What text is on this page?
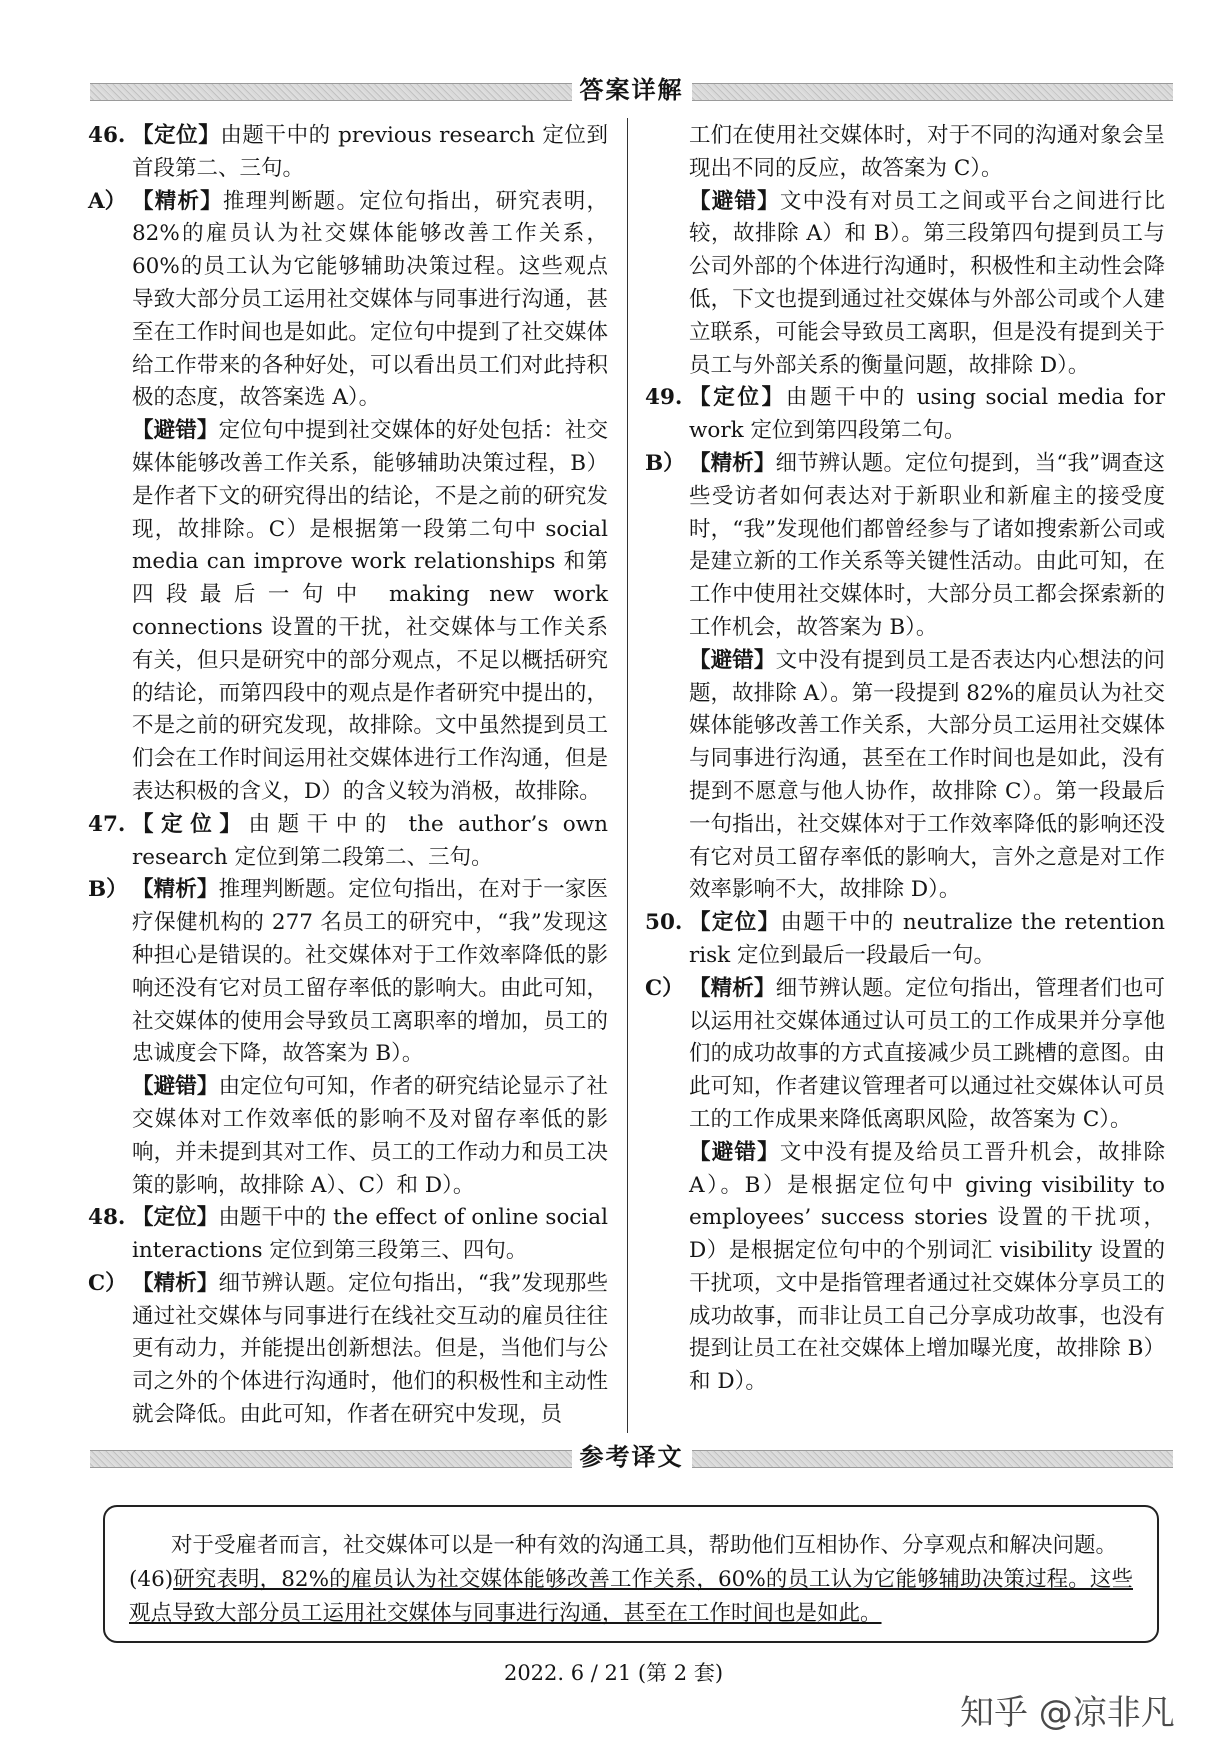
答案详解
46. 【定位】由题干中的 previous research 定位到首段第二、三句。
A） 【精析】推理判断题。定位句指出，研究表明，82%的雇员认为社交媒体能够改善工作关系，60%的员工认为它能够辅助决策过程。这些观点导致大部分员工运用社交媒体与同事进行沟通，甚至在工作时间也是如此。定位句中提到了社交媒体给工作带来的各种好处，可以看出员工们对此持积极的态度，故答案选 A）。
【避错】定位句中提到社交媒体的好处包括：社交媒体能够改善工作关系，能够辅助决策过程，B）是作者下文的研究得出的结论，不是之前的研究发现，故排除。C）是根据第一段第二句中 social media can improve work relationships 和第四段最后一句中 making new work connections 设置的干扰，社交媒体与工作关系有关，但只是研究中的部分观点，不足以概括研究的结论，而第四段中的观点是作者研究中提出的，不是之前的研究发现，故排除。文中虽然提到员工们会在工作时间运用社交媒体进行工作沟通，但是表达积极的含义，D）的含义较为消极，故排除。
47. 【定位】由题干中的 the author’s own research 定位到第二段第二、三句。
B） 【精析】推理判断题。定位句指出，在对于一家医疗保健机构的 277 名员工的研究中，“我”发现这种担心是错误的。社交媒体对于工作效率降低的影响还没有它对员工留存率低的影响大。由此可知，社交媒体的使用会导致员工离职率的增加，员工的忠诚度会下降，故答案为 B）。
【避错】由定位句可知，作者的研究结论显示了社交媒体对工作效率低的影响不及对留存率低的影响，并未提到其对工作、员工的工作动力和员工决策的影响，故排除 A）、C）和 D）。
48. 【定位】由题干中的 the effect of online social interactions 定位到第三段第三、四句。
C） 【精析】细节辨认题。定位句指出，“我”发现那些通过社交媒体与同事进行在线社交互动的雇员往往更有动力，并能提出创新想法。但是，当他们与公司之外的个体进行沟通时，他们的积极性和主动性就会降低。由此可知，作者在研究中发现，员
工们在使用社交媒体时，对于不同的沟通对象会呈现出不同的反应，故答案为 C）。
【避错】文中没有对员工之间或平台之间进行比较，故排除 A）和 B）。第三段第四句提到员工与公司外部的个体进行沟通时，积极性和主动性会降低，下文也提到通过社交媒体与外部公司或个人建立联系，可能会导致员工离职，但是没有提到关于员工与外部关系的衡量问题，故排除 D）。
49. 【定位】由题干中的 using social media for work 定位到第四段第二句。
B） 【精析】细节辨认题。定位句提到，当“我”调查这些受访者如何表达对于新职业和新雇主的接受度时，“我”发现他们都曾经参与了诸如搜索新公司或是建立新的工作关系等关键性活动。由此可知，在工作中使用社交媒体时，大部分员工都会探索新的工作机会，故答案为 B）。
【避错】文中没有提到员工是否表达内心想法的问题，故排除 A）。第一段提到 82%的雇员认为社交媒体能够改善工作关系，大部分员工运用社交媒体与同事进行沟通，甚至在工作时间也是如此，没有提到不愿意与他人协作，故排除 C）。第一段最后一句指出，社交媒体对于工作效率降低的影响还没有它对员工留存率低的影响大，言外之意是对工作效率影响不大，故排除 D）。
50. 【定位】由题干中的 neutralize the retention risk 定位到最后一段最后一句。
C） 【精析】细节辨认题。定位句指出，管理者们也可以运用社交媒体通过认可员工的工作成果并分享他们的成功故事的方式直接减少员工跳槽的意图。由此可知，作者建议管理者可以通过社交媒体认可员工的工作成果来降低离职风险，故答案为 C）。
【避错】文中没有提及给员工晋升机会，故排除 A）。B）是根据定位句中 giving visibility to employees’ success stories 设置的干扰项，D）是根据定位句中的个别词汇 visibility 设置的干扰项，文中是指管理者通过社交媒体分享员工的成功故事，而非让员工自己分享成功故事，也没有提到让员工在社交媒体上增加曝光度，故排除 B）和 D）。
参考译文

对于受雇者而言，社交媒体可以是一种有效的沟通工具，帮助他们互相协作、分享观点和解决问题。
(46)研究表明，82%的雇员认为社交媒体能够改善工作关系，60%的员工认为它能够辅助决策过程。这些观点导致大部分员工运用社交媒体与同事进行沟通，甚至在工作时间也是如此。

2022. 6 / 21 (第 2 套)
知乎 @凉非凡
